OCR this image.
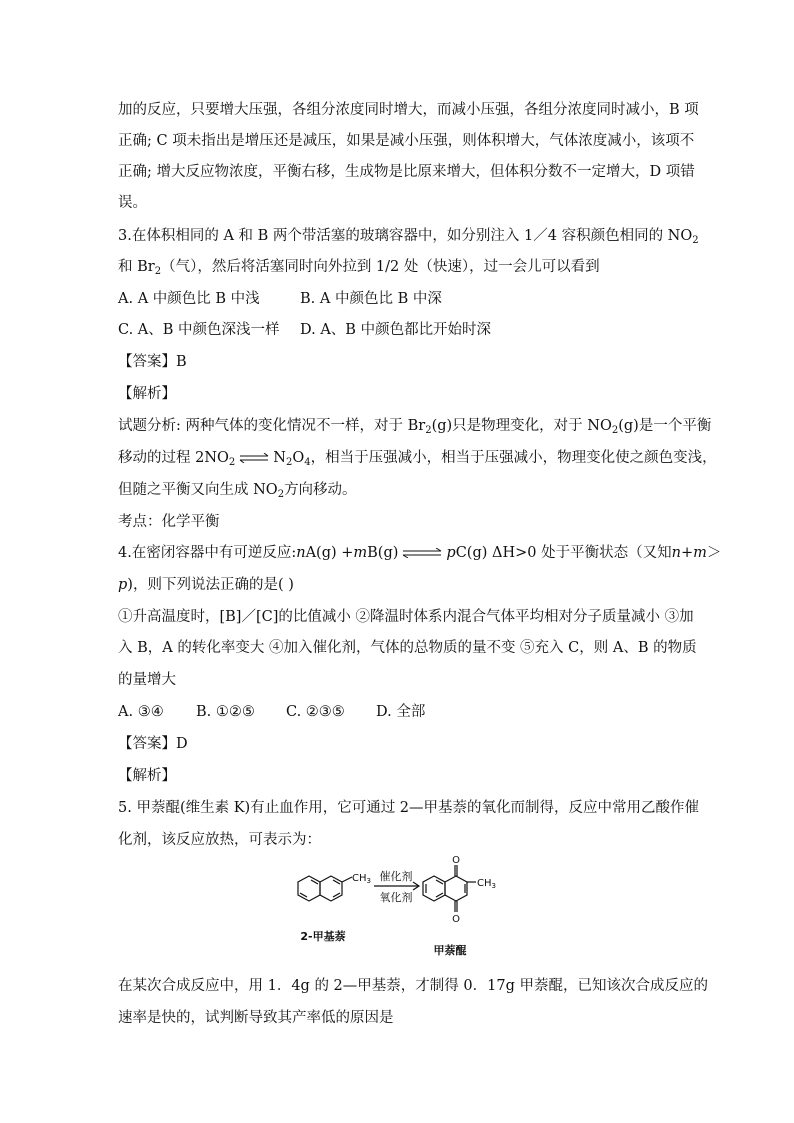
加的反应，只要增大压强，各组分浓度同时增大，而减小压强，各组分浓度同时减小，B 项
正确; C 项未指出是增压还是减压，如果是减小压强，则体积增大，气体浓度减小，该项不
正确; 增大反应物浓度，平衡右移，生成物是比原来增大，但体积分数不一定增大，D 项错
误。
3.在体积相同的 A 和 B 两个带活塞的玻璃容器中，如分别注入 1／4 容积颜色相同的 $NO_2$
和 $Br_2$（气），然后将活塞同时向外拉到 1/2 处（快速），过一会儿可以看到
A. A 中颜色比 B 中浅	B. A 中颜色比 B 中深
C. A、B 中颜色深浅一样 D. A、B 中颜色都比开始时深
【答案】B
【解析】
试题分析: 两种气体的变化情况不一样，对于 $Br_2(g)$只是物理变化，对于 $NO_2(g)$是一个平衡
移动的过程 $2NO_2$ ⇌ $N_2O_4$，相当于压强减小，相当于压强减小，物理变化使之颜色变浅，
但随之平衡又向生成 $NO_2$方向移动。
考点：化学平衡
4.在密闭容器中有可逆反应:nA(g) +mB(g) ⇌ pC(g) ΔH>0 处于平衡状态（又知n+m＞
p)，则下列说法正确的是( )
①升高温度时，[B]／[C]的比值减小 ②降温时体系内混合气体平均相对分子质量减小 ③加
入 B，A 的转化率变大 ④加入催化剂，气体的总物质的量不变 ⑤充入 C，则 A、B 的物质
的量增大
A. ③④ B. ①②⑤ C. ②③⑤ D. 全部
【答案】D
【解析】
5. 甲萘醌(维生素 K)有止血作用，它可通过 2—甲基萘的氧化而制得，反应中常用乙酸作催
化剂，该反应放热，可表示为：
$CH_3$ 催化剂
氧化剂
O
O
$CH_3$
2-甲基萘
甲萘醌
在某次合成反应中，用 1．4g 的 2—甲基萘，才制得 0．17g 甲萘醌，已知该次合成反应的
速率是快的，试判断导致其产率低的原因是
